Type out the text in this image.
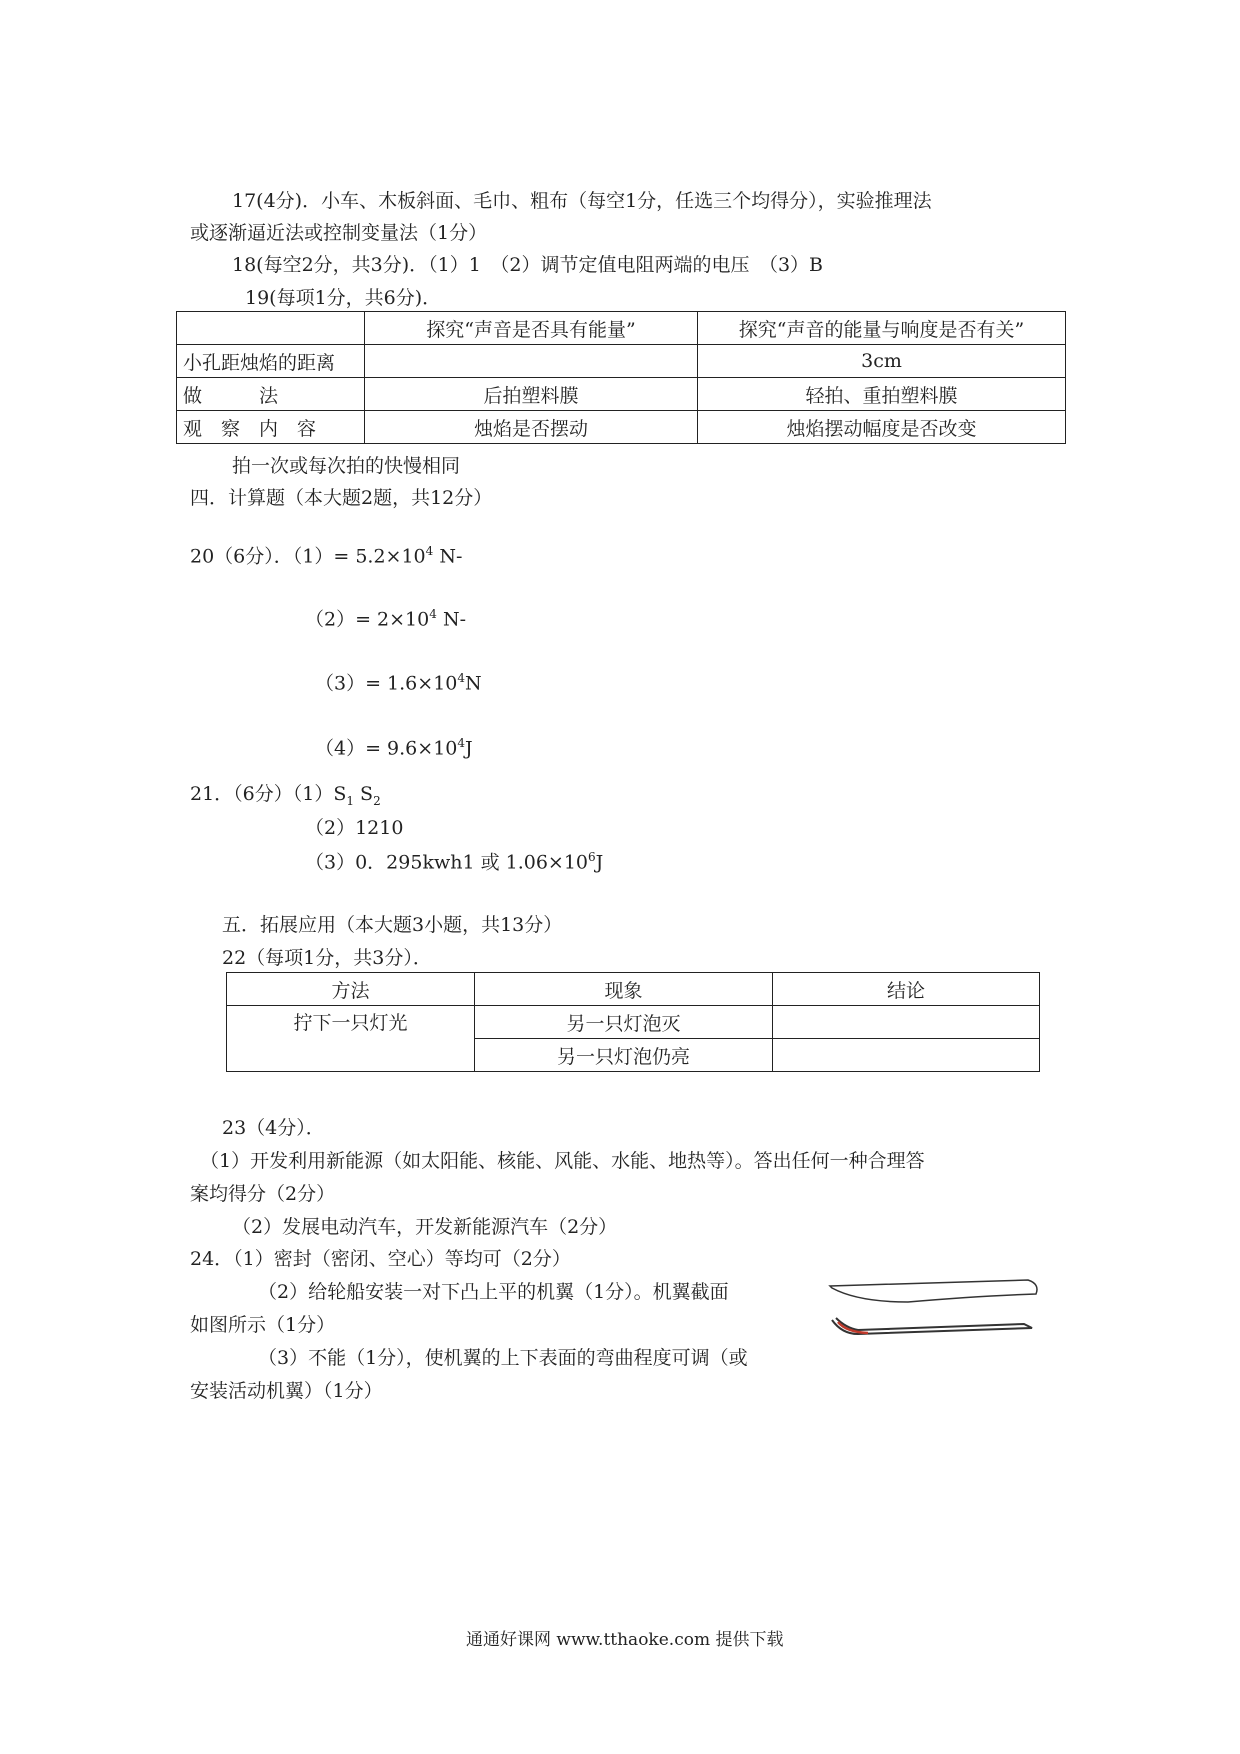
17(4分)．小车、木板斜面、毛巾、粗布（每空1分，任选三个均得分），实验推理法
或逐渐逼近法或控制变量法（1分）
18(每空2分，共3分)．（1）1　（2）调节定值电阻两端的电压　（3）B
19(每项1分，共6分)．
	探究“声音是否具有能量”	探究“声音的能量与响度是否有关”
小孔距烛焰的距离		3cm
做　　　法	后拍塑料膜	轻拍、重拍塑料膜
观　察　内　容	烛焰是否摆动	烛焰摆动幅度是否改变
拍一次或每次拍的快慢相同
四．计算题（本大题2题，共12分）
20（6分）．$(1)= 5.2\times 10^4$ N-
$(2)= 2\times 10^4$ N-
$(3)= 1.6\times 10^4N$
$(4)= 9.6\times 10^4J$
21．（6分）$(1)S_1$ $S_2$
（2）1210
（3）0．295kwh1 或 $1.06\times 10^6J$
五．拓展应用（本大题3小题，共13分）
22（每项1分，共3分）．
方法	现象	结论
拧下一只灯光	另一只灯泡灭	
	另一只灯泡仍亮	
23（4分）．
（1）开发利用新能源（如太阳能、核能、风能、水能、地热等）。答出任何一种合理答
案均得分（2分）
（2）发展电动汽车，开发新能源汽车（2分）
24．（1）密封（密闭、空心）等均可（2分）
（2）给轮船安装一对下凸上平的机翼（1分）。机翼截面
如图所示（1分）
（3）不能（1分），使机翼的上下表面的弯曲程度可调（或
安装活动机翼）（1分）
通通好课网 www.tthaoke.com 提供下载
